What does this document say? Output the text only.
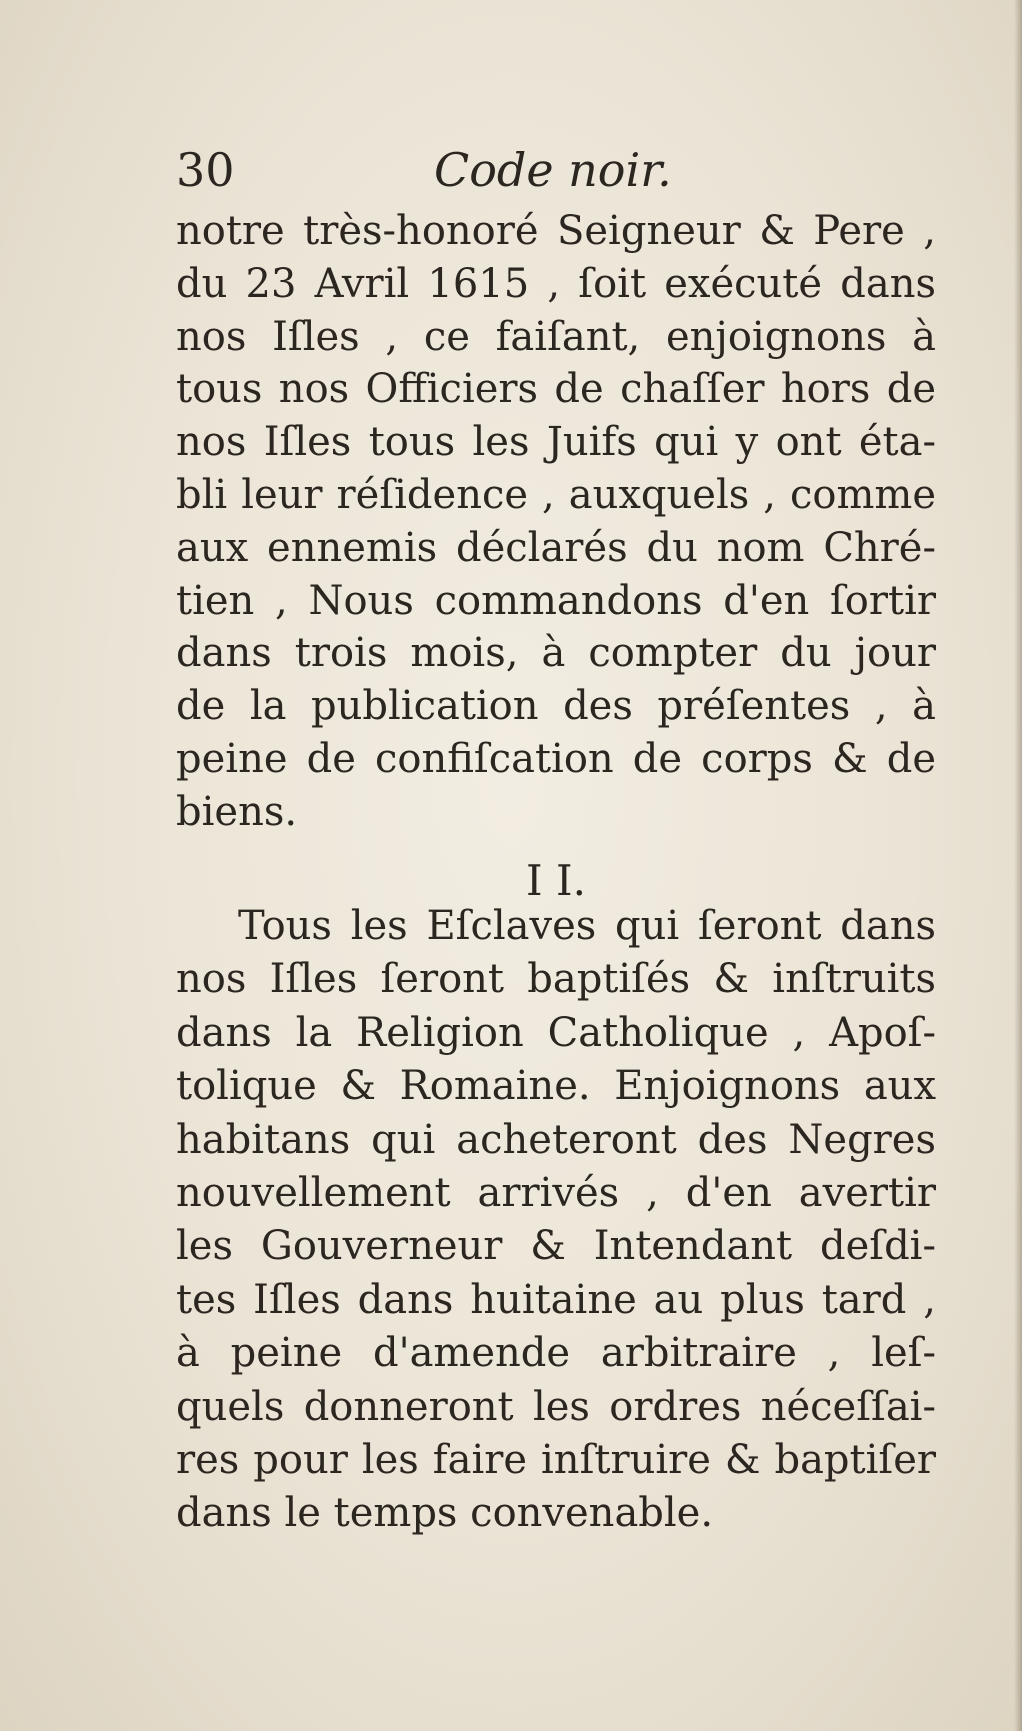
30	Code noir.
notre très-honoré Seigneur & Pere ,
du 23 Avril 1615 , ſoit exécuté dans
nos Iſles , ce faiſant, enjoignons à
tous nos Officiers de chaſſer hors de
nos Iſles tous les Juifs qui y ont éta-
bli leur réſidence , auxquels , comme
aux ennemis déclarés du nom Chré-
tien , Nous commandons d'en ſortir
dans trois mois, à compter du jour
de la publication des préſentes , à
peine de confiſcation de corps & de
biens.
I I.
Tous les Eſclaves qui ſeront dans
nos Iſles ſeront baptiſés & inſtruits
dans la Religion Catholique , Apoſ-
tolique & Romaine. Enjoignons aux
habitans qui acheteront des Negres
nouvellement arrivés , d'en avertir
les Gouverneur & Intendant deſdi-
tes Iſles dans huitaine au plus tard ,
à peine d'amende arbitraire , leſ-
quels donneront les ordres néceſſai-
res pour les faire inſtruire & baptiſer
dans le temps convenable.
